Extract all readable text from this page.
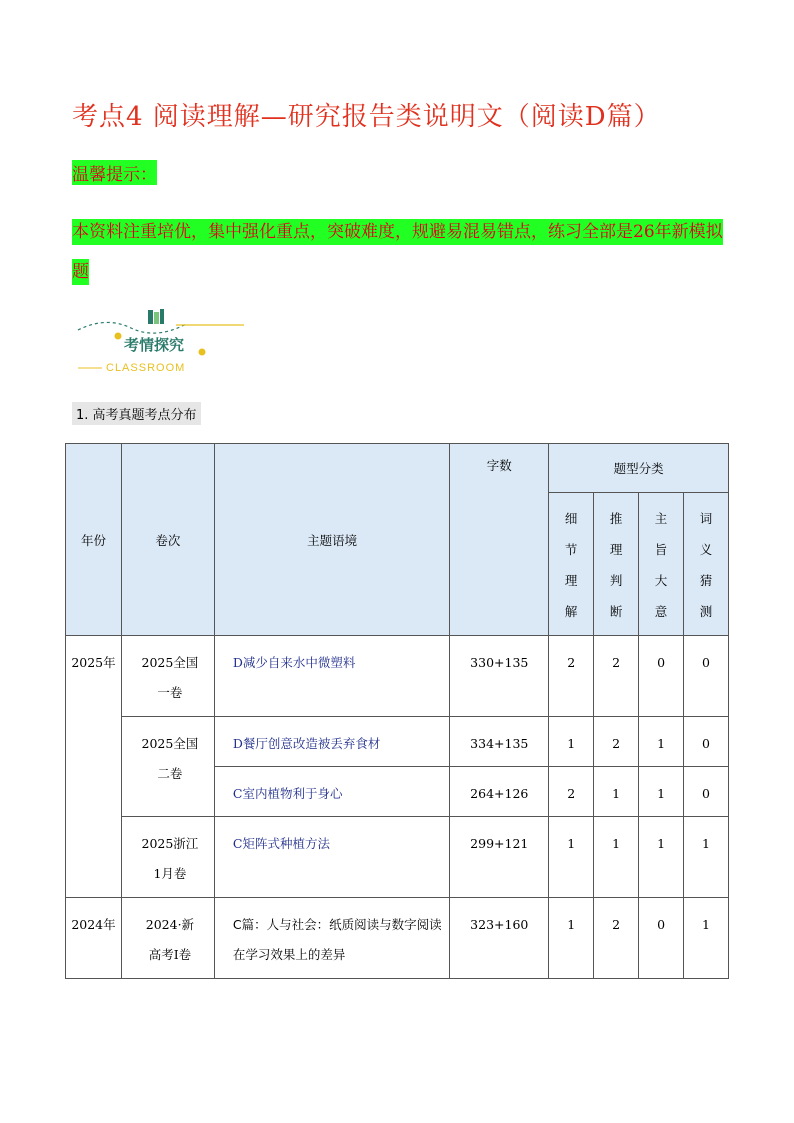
考点4 阅读理解—研究报告类说明文（阅读D篇）
温馨提示：
本资料注重培优，集中强化重点，突破难度，规避易混易错点，练习全部是26年新模拟题
考情探究
CLASSROOM
1. 高考真题考点分布
年份	卷次	主题语境	字数	题型分类			

				细节理解	推理判断	主旨大意	词义猜测

2025年	2025全国一卷	D减少自来水中微塑料	330+135	2	2	0	0

	2025全国二卷	D餐厅创意改造被丢弃食材	334+135	1	2	1	0

		C室内植物利于身心	264+126	2	1	1	0

	2025浙江1月卷	C矩阵式种植方法	299+121	1	1	1	1

2024年	2024·新高考Ⅰ卷	C篇：人与社会：纸质阅读与数字阅读在学习效果上的差异	323+160	1	2	0	1
